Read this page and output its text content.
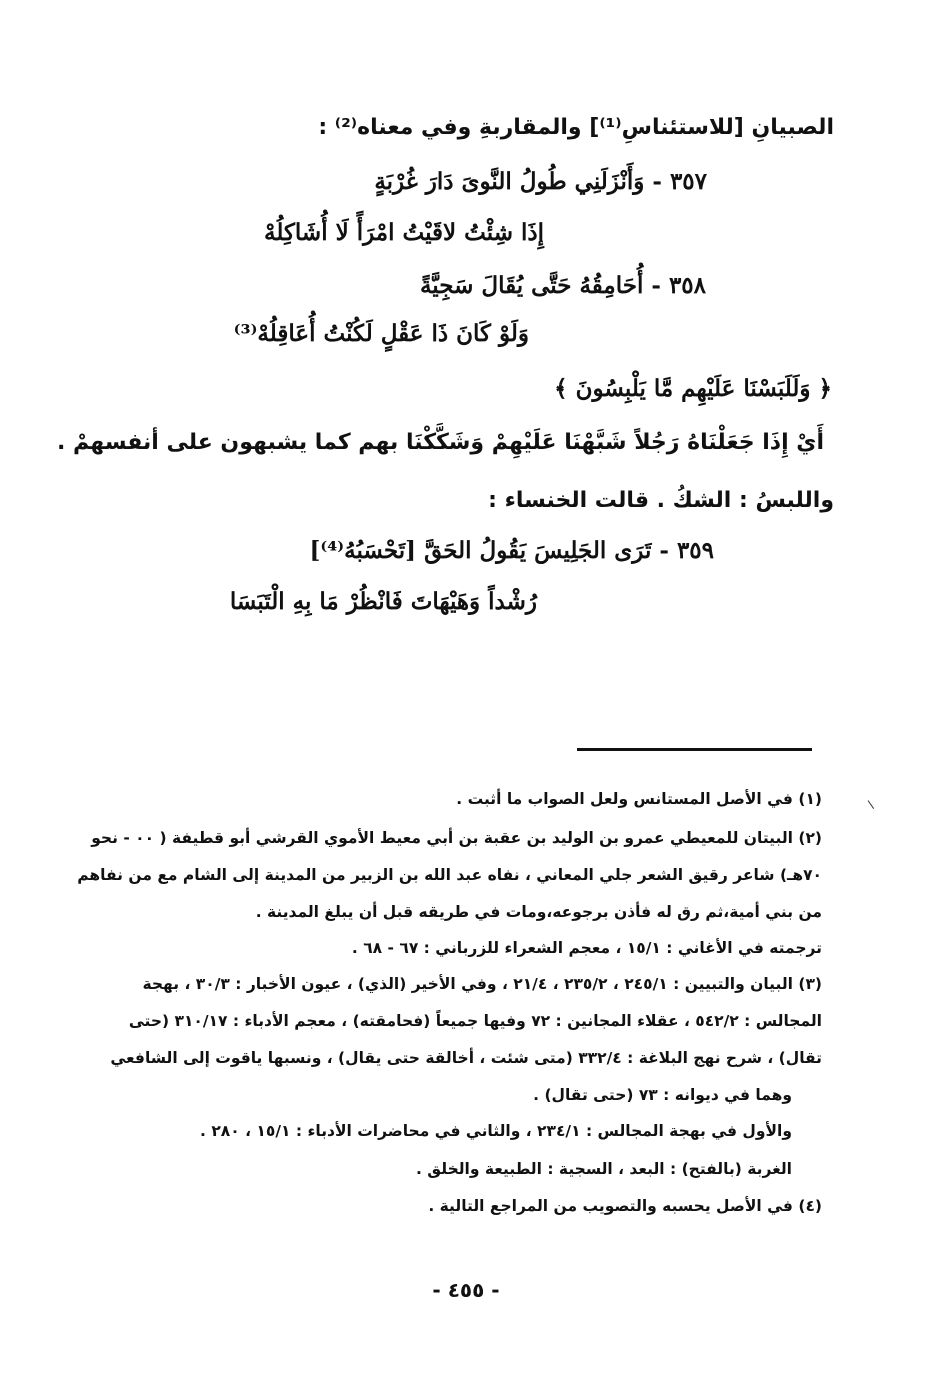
الصبيانِ [للاستئناسِ⁽¹⁾] والمقاربةِ وفي معناه⁽²⁾ :
٣٥٧ - وَأَنْزَلَنِي طُولُ النَّوىَ دَارَ غُرْبَةٍ
إِذَا شِئْتُ لاقَيْتُ امْرَأً لَا أُشَاكِلُهْ
٣٥٨ - أُحَامِقُهُ حَتَّى يُقَالَ سَجِيَّةً
وَلَوْ كَانَ ذَا عَقْلٍ لَكُنْتُ أُعَاقِلُهْ⁽³⁾
﴿ وَلَلَبَسْنَا عَلَيْهِم مَّا يَلْبِسُونَ ﴾
أَيْ إِذَا جَعَلْنَاهُ رَجُلاً شَبَّهْنَا عَلَيْهِمْ وَشَكَّكْنَا بهم كما يشبهون على أنفسهمْ .
واللبسُ : الشكُ . قالت الخنساء :
٣٥٩ - تَرَى الجَلِيسَ يَقُولُ الحَقَّ [تَحْسَبُهُ⁽⁴⁾]
رُشْداً وَهَيْهَاتَ فَانْظُرْ مَا بِهِ الْتَبَسَا
(١) في الأصل المستانس ولعل الصواب ما أثبت .
(٢) البيتان للمعيطي عمرو بن الوليد بن عقبة بن أبي معيط الأموي القرشي أبو قطيفة ( ٠٠ - نحو
٧٠هـ) شاعر رقيق الشعر جلي المعاني ، نفاه عبد الله بن الزبير من المدينة إلى الشام مع من نفاهم
من بني أمية،ثم رق له فأذن برجوعه،ومات في طريقه قبل أن يبلغ المدينة .
ترجمته في الأغاني : ١٥/١ ، معجم الشعراء للزرباني : ٦٧ - ٦٨ .
(٣) البيان والتبيين : ٢٤٥/١ ، ٢٣٥/٢ ، ٢١/٤ ، وفي الأخير (الذي) ، عيون الأخبار : ٣٠/٣ ، بهجة
المجالس : ٥٤٢/٢ ، عقلاء المجانين : ٧٢ وفيها جميعاً (فحامقته) ، معجم الأدباء : ٣١٠/١٧ (حتى
تقال) ، شرح نهج البلاغة : ٣٣٢/٤ (متى شئت ، أخالقة حتى يقال) ، ونسبها ياقوت إلى الشافعي
وهما في ديوانه : ٧٣ (حتى تقال) .
والأول في بهجة المجالس : ٢٣٤/١ ، والثاني في محاضرات الأدباء : ١٥/١ ، ٢٨٠ .
الغربة (بالفتح) : البعد ، السجية : الطبيعة والخلق .
(٤) في الأصل يحسبه والتصويب من المراجع التالية .
- ٤٥٥ -
